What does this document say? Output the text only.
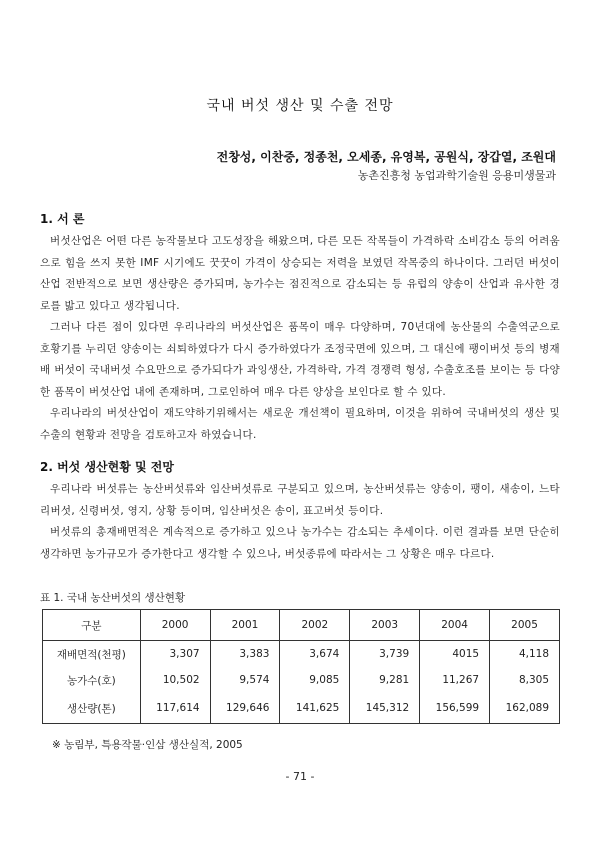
국내 버섯 생산 및 수출 전망
전창성, 이찬중, 정종천, 오세종, 유영복, 공원식, 장갑열, 조원대
농촌진흥청 농업과학기술원 응용미생물과
1. 서 론

버섯산업은 어떤 다른 농작물보다 고도성장을 해왔으며, 다른 모든 작목들이 가격하락 소비감소 등의 어려움으로 힘을 쓰지 못한 IMF 시기에도 꿋꿋이 가격이 상승되는 저력을 보였던 작목중의 하나이다. 그러던 버섯이 산업 전반적으로 보면 생산량은 증가되며, 농가수는 점진적으로 감소되는 등 유럽의 양송이 산업과 유사한 경로를 밟고 있다고 생각됩니다.

그러나 다른 점이 있다면 우리나라의 버섯산업은 품목이 매우 다양하며, 70년대에 농산물의 수출역군으로 호황기를 누리던 양송이는 쇠퇴하였다가 다시 증가하였다가 조정국면에 있으며, 그 대신에 팽이버섯 등의 병재배 버섯이 국내버섯 수요만으로 증가되다가 과잉생산, 가격하락, 가격 경쟁력 형성, 수출호조를 보이는 등 다양한 품목이 버섯산업 내에 존재하며, 그로인하여 매우 다른 양상을 보인다로 할 수 있다.

우리나라의 버섯산업이 재도약하기위해서는 새로운 개선책이 필요하며, 이것을 위하여 국내버섯의 생산 및 수출의 현황과 전망을 검토하고자 하였습니다.

2. 버섯 생산현황 및 전망

우리나라 버섯류는 농산버섯류와 임산버섯류로 구분되고 있으며, 농산버섯류는 양송이, 팽이, 새송이, 느타리버섯, 신령버섯, 영지, 상황 등이며, 임산버섯은 송이, 표고버섯 등이다.

버섯류의 총재배면적은 계속적으로 증가하고 있으나 농가수는 감소되는 추세이다. 이런 결과를 보면 단순히 생각하면 농가규모가 증가한다고 생각할 수 있으나, 버섯종류에 따라서는 그 상황은 매우 다르다.

표 1. 국내 농산버섯의 생산현황
구분	2000	2001	2002	2003	2004	2005
재배면적(천평)	3,307	3,383	3,674	3,739	4015	4,118
농가수(호)	10,502	9,574	9,085	9,281	11,267	8,305
생산량(톤)	117,614	129,646	141,625	145,312	156,599	162,089
※ 농림부, 특용작물·인삼 생산실적, 2005
- 71 -
